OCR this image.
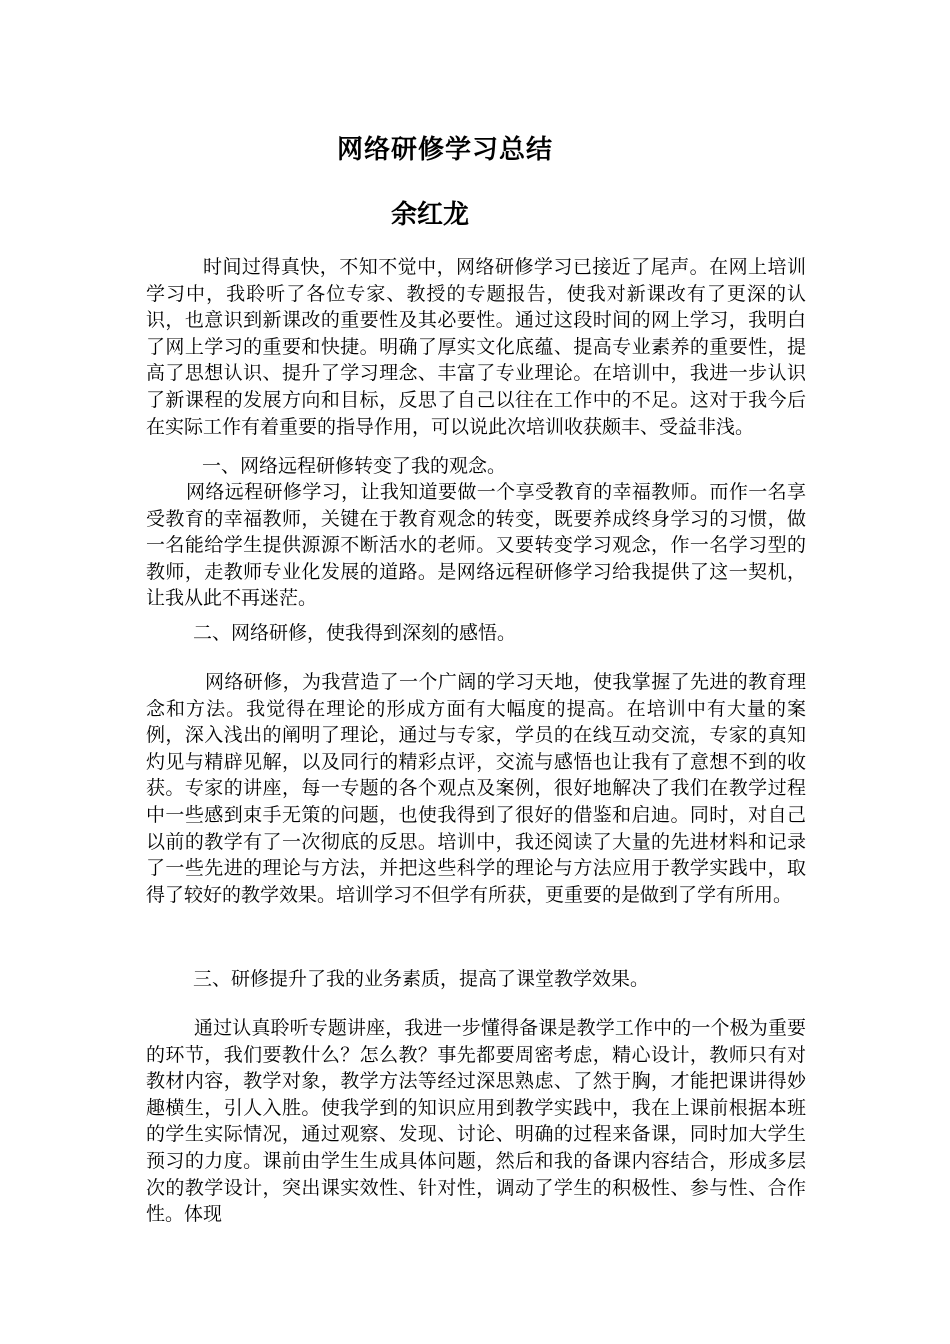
网络研修学习总结
余红龙
时间过得真快，不知不觉中，网络研修学习已接近了尾声。在网上培训学习中，我聆听了各位专家、教授的专题报告，使我对新课改有了更深的认识，也意识到新课改的重要性及其必要性。通过这段时间的网上学习，我明白了网上学习的重要和快捷。明确了厚实文化底蕴、提高专业素养的重要性，提高了思想认识、提升了学习理念、丰富了专业理论。在培训中，我进一步认识了新课程的发展方向和目标，反思了自己以往在工作中的不足。这对于我今后在实际工作有着重要的指导作用，可以说此次培训收获颇丰、受益非浅。
一、网络远程研修转变了我的观念。
网络远程研修学习，让我知道要做一个享受教育的幸福教师。而作一名享受教育的幸福教师，关键在于教育观念的转变，既要养成终身学习的习惯，做一名能给学生提供源源不断活水的老师。又要转变学习观念，作一名学习型的教师，走教师专业化发展的道路。是网络远程研修学习给我提供了这一契机，让我从此不再迷茫。
二、网络研修，使我得到深刻的感悟。
网络研修，为我营造了一个广阔的学习天地，使我掌握了先进的教育理念和方法。我觉得在理论的形成方面有大幅度的提高。在培训中有大量的案例，深入浅出的阐明了理论，通过与专家，学员的在线互动交流，专家的真知灼见与精辟见解，以及同行的精彩点评，交流与感悟也让我有了意想不到的收获。专家的讲座，每一专题的各个观点及案例，很好地解决了我们在教学过程中一些感到束手无策的问题，也使我得到了很好的借鉴和启迪。同时，对自己以前的教学有了一次彻底的反思。培训中，我还阅读了大量的先进材料和记录了一些先进的理论与方法，并把这些科学的理论与方法应用于教学实践中，取得了较好的教学效果。培训学习不但学有所获，更重要的是做到了学有所用。
三、研修提升了我的业务素质，提高了课堂教学效果。
通过认真聆听专题讲座，我进一步懂得备课是教学工作中的一个极为重要的环节，我们要教什么？怎么教？事先都要周密考虑，精心设计，教师只有对教材内容，教学对象，教学方法等经过深思熟虑、了然于胸，才能把课讲得妙趣横生，引人入胜。使我学到的知识应用到教学实践中，我在上课前根据本班的学生实际情况，通过观察、发现、讨论、明确的过程来备课，同时加大学生预习的力度。课前由学生生成具体问题，然后和我的备课内容结合，形成多层次的教学设计，突出课实效性、针对性，调动了学生的积极性、参与性、合作性。体现
